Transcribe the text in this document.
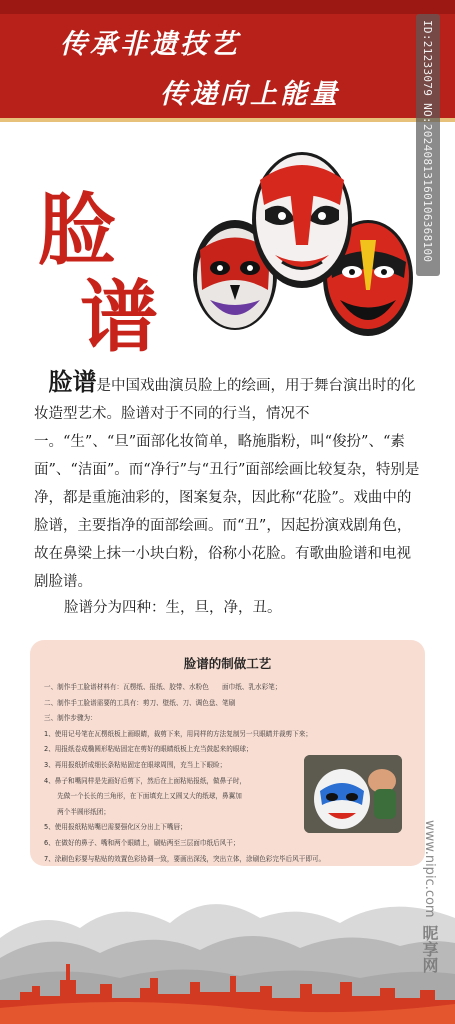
传承非遗技艺
传递向上能量
脸
谱

　脸谱是中国戏曲演员脸上的绘画，用于舞台演出时的化妆造型艺术。脸谱对于不同的行当，情况不一。“生”、“旦”面部化妆简单，略施脂粉，叫“俊扮”、“素面”、“洁面”。而“净行”与“丑行”面部绘画比较复杂，特别是净，都是重施油彩的，图案复杂，因此称“花脸”。戏曲中的脸谱，主要指净的面部绘画。而“丑”，因起扮演戏剧角色，故在鼻梁上抹一小块白粉，俗称小花脸。有歌曲脸谱和电视剧脸谱。

脸谱分为四种：生，旦，净，丑。
脸谱的制做工艺
一、制作手工脸谱材料有：瓦楞纸、报纸、胶带、水粉色　　面巾纸、乳水彩笔；
二、制作手工脸谱需要的工具有：剪刀、壁纸、刀、调色盘、笔刷
三、制作步骤为：
1、使用记号笔在瓦楞纸板上画眼睛，裁剪下来，用同样的方法复制另一只眼睛并裁剪下来；
2、用报纸卷成椭圆形粘贴固定在剪好的眼睛纸板上充当鼓起来的眼球；
3、再用报纸折成细长条粘贴固定在眼球周围，充当上下眼睑；
4、鼻子和嘴同样是先画好后剪下，然后在上面粘贴报纸，做鼻子时，
　　先做一个长长的三角形，在下面填充上又圆又大的纸球，鼻翼加
　　两个半圆形纸团；
5、使用报纸粘贴嘴巴需要强化区分出上下嘴唇；
6、在做好的鼻子、嘴和两个眼睛上，刷贴两至三层面巾纸后风干；
7、涂刷色彩要与粘贴的效置色彩协调一致，要画出深浅，突出立体，涂刷色彩完毕后风干即可。
ID:21233079 NO:20240813160106368100
www.nipic.com
昵享网
